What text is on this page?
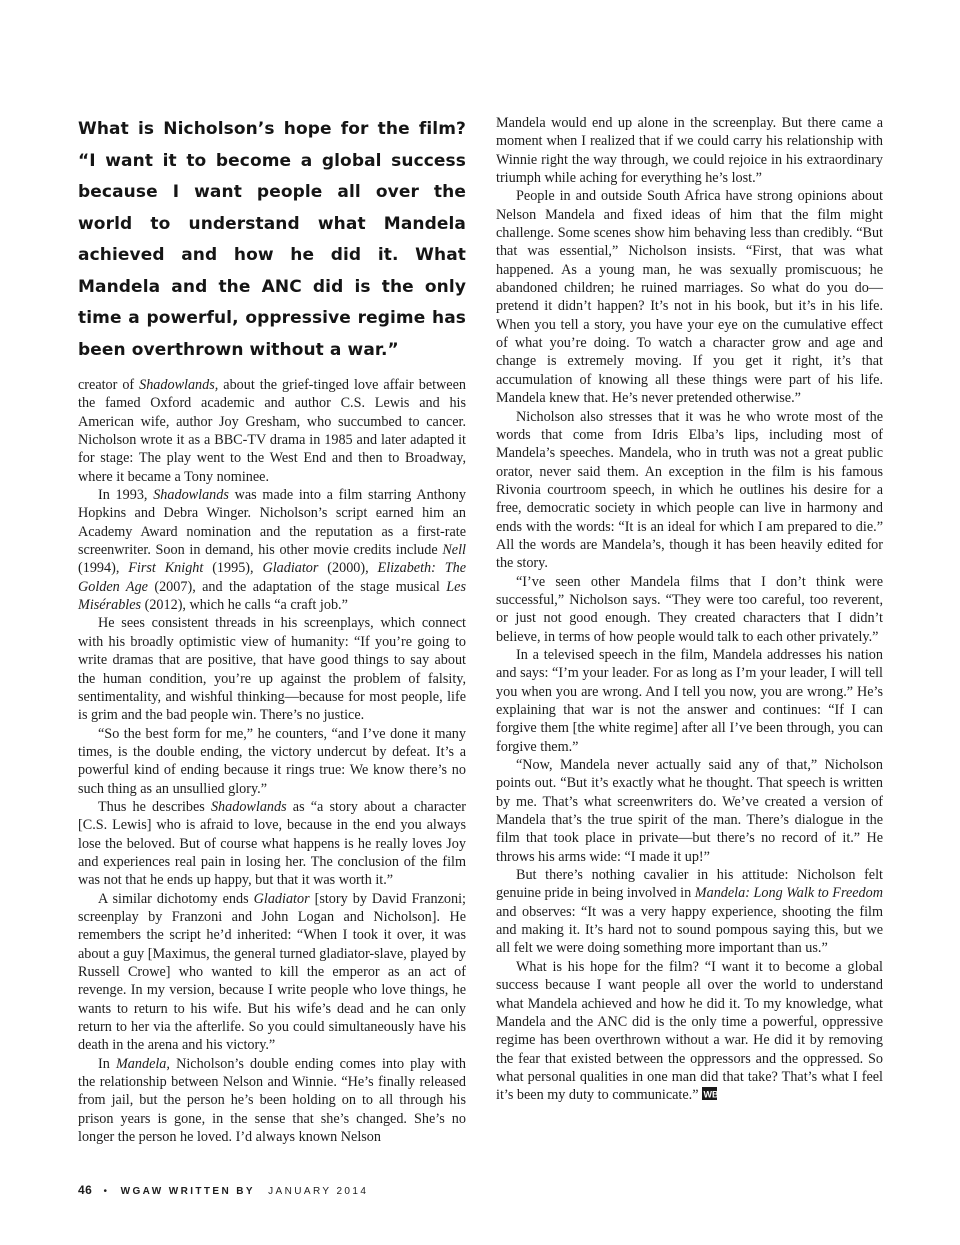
What is Nicholson’s hope for the film? “I want it to become a global success because I want people all over the world to understand what Mandela achieved and how he did it. What Mandela and the ANC did is the only time a powerful, oppressive regime has been overthrown without a war.”

creator of Shadowlands, about the grief-tinged love affair between the famed Oxford academic and author C.S. Lewis and his American wife, author Joy Gresham, who succumbed to cancer. Nicholson wrote it as a BBC-TV drama in 1985 and later adapted it for stage: The play went to the West End and then to Broadway, where it became a Tony nominee.

In 1993, Shadowlands was made into a film starring Anthony Hopkins and Debra Winger. Nicholson’s script earned him an Academy Award nomination and the reputation as a first-rate screenwriter. Soon in demand, his other movie credits include Nell (1994), First Knight (1995), Gladiator (2000), Elizabeth: The Golden Age (2007), and the adaptation of the stage musical Les Misérables (2012), which he calls “a craft job.”

He sees consistent threads in his screenplays, which connect with his broadly optimistic view of humanity: “If you’re going to write dramas that are positive, that have good things to say about the human condition, you’re up against the problem of falsity, sentimentality, and wishful thinking—because for most people, life is grim and the bad people win. There’s no justice.

“So the best form for me,” he counters, “and I’ve done it many times, is the double ending, the victory undercut by defeat. It’s a powerful kind of ending because it rings true: We know there’s no such thing as an unsullied glory.”

Thus he describes Shadowlands as “a story about a character [C.S. Lewis] who is afraid to love, because in the end you always lose the beloved. But of course what happens is he really loves Joy and experiences real pain in losing her. The conclusion of the film was not that he ends up happy, but that it was worth it.”

A similar dichotomy ends Gladiator [story by David Franzoni; screenplay by Franzoni and John Logan and Nicholson]. He remembers the script he’d inherited: “When I took it over, it was about a guy [Maximus, the general turned gladiator-slave, played by Russell Crowe] who wanted to kill the emperor as an act of revenge. In my version, because I write people who love things, he wants to return to his wife. But his wife’s dead and he can only return to her via the afterlife. So you could simultaneously have his death in the arena and his victory.”

In Mandela, Nicholson’s double ending comes into play with the relationship between Nelson and Winnie. “He’s finally released from jail, but the person he’s been holding on to all through his prison years is gone, in the sense that she’s changed. She’s no longer the person he loved. I’d always known Nelson

Mandela would end up alone in the screenplay. But there came a moment when I realized that if we could carry his relationship with Winnie right the way through, we could rejoice in his extraordinary triumph while aching for everything he’s lost.”

People in and outside South Africa have strong opinions about Nelson Mandela and fixed ideas of him that the film might challenge. Some scenes show him behaving less than credibly. “But that was essential,” Nicholson insists. “First, that was what happened. As a young man, he was sexually promiscuous; he abandoned children; he ruined marriages. So what do you do—pretend it didn’t happen? It’s not in his book, but it’s in his life. When you tell a story, you have your eye on the cumulative effect of what you’re doing. To watch a character grow and age and change is extremely moving. If you get it right, it’s that accumulation of knowing all these things were part of his life. Mandela knew that. He’s never pretended otherwise.”

Nicholson also stresses that it was he who wrote most of the words that come from Idris Elba’s lips, including most of Mandela’s speeches. Mandela, who in truth was not a great public orator, never said them. An exception in the film is his famous Rivonia courtroom speech, in which he outlines his desire for a free, democratic society in which people can live in harmony and ends with the words: “It is an ideal for which I am prepared to die.” All the words are Mandela’s, though it has been heavily edited for the story.

“I’ve seen other Mandela films that I don’t think were successful,” Nicholson says. “They were too careful, too reverent, or just not good enough. They created characters that I didn’t believe, in terms of how people would talk to each other privately.”

In a televised speech in the film, Mandela addresses his nation and says: “I’m your leader. For as long as I’m your leader, I will tell you when you are wrong. And I tell you now, you are wrong.” He’s explaining that war is not the answer and continues: “If I can forgive them [the white regime] after all I’ve been through, you can forgive them.”

“Now, Mandela never actually said any of that,” Nicholson points out. “But it’s exactly what he thought. That speech is written by me. That’s what screenwriters do. We’ve created a version of Mandela that’s the true spirit of the man. There’s dialogue in the film that took place in private—but there’s no record of it.” He throws his arms wide: “I made it up!”

But there’s nothing cavalier in his attitude: Nicholson felt genuine pride in being involved in Mandela: Long Walk to Freedom and observes: “It was a very happy experience, shooting the film and making it. It’s hard not to sound pompous saying this, but we all felt we were doing something more important than us.”

What is his hope for the film? “I want it to become a global success because I want people all over the world to understand what Mandela achieved and how he did it. To my knowledge, what Mandela and the ANC did is the only time a powerful, oppressive regime has been overthrown without a war. He did it by removing the fear that existed between the oppressors and the oppressed. So what personal qualities in one man did that take? That’s what I feel it’s been my duty to communicate.” WB

46 • WGAW WRITTEN BY JANUARY 2014
